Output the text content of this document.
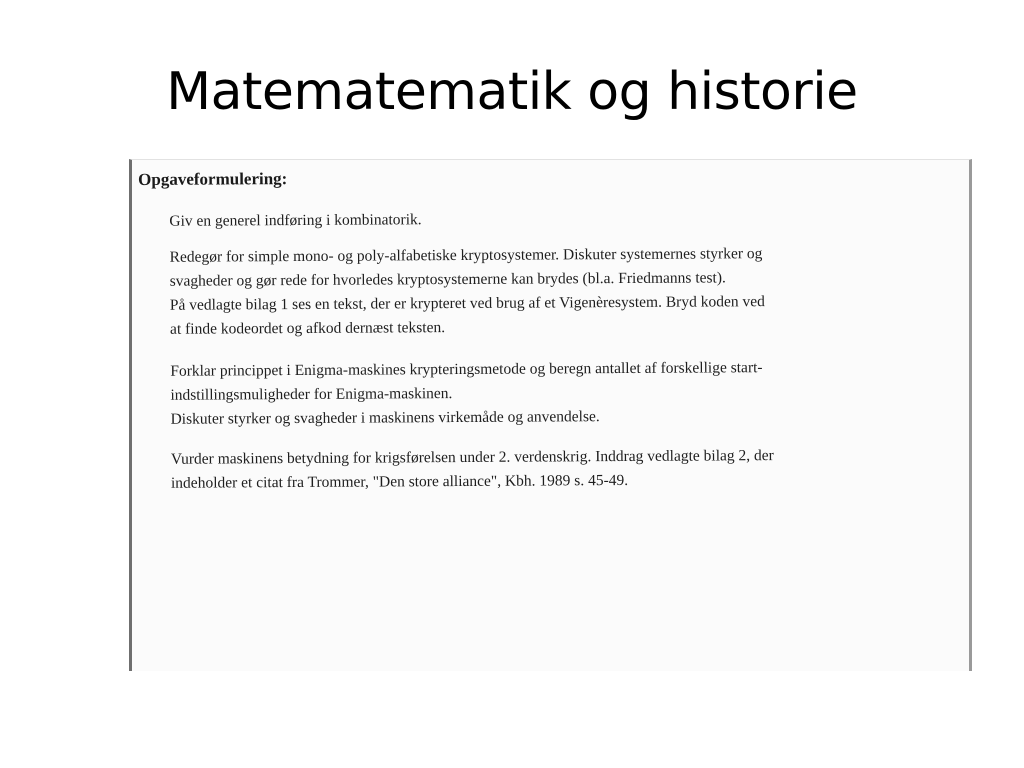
Matematematik og historie
Opgaveformulering:
Giv en generel indføring i kombinatorik.
Redegør for simple mono- og poly-alfabetiske kryptosystemer. Diskuter systemernes styrker og
svagheder og gør rede for hvorledes kryptosystemerne kan brydes (bl.a. Friedmanns test).
På vedlagte bilag 1 ses en tekst, der er krypteret ved brug af et Vigenèresystem. Bryd koden ved
at finde kodeordet og afkod dernæst teksten.
Forklar princippet i Enigma-maskines krypteringsmetode og beregn antallet af forskellige start-
indstillingsmuligheder for Enigma-maskinen.
Diskuter styrker og svagheder i maskinens virkemåde og anvendelse.
Vurder maskinens betydning for krigsførelsen under 2. verdenskrig. Inddrag vedlagte bilag 2, der
indeholder et citat fra Trommer, "Den store alliance", Kbh. 1989 s. 45-49.
